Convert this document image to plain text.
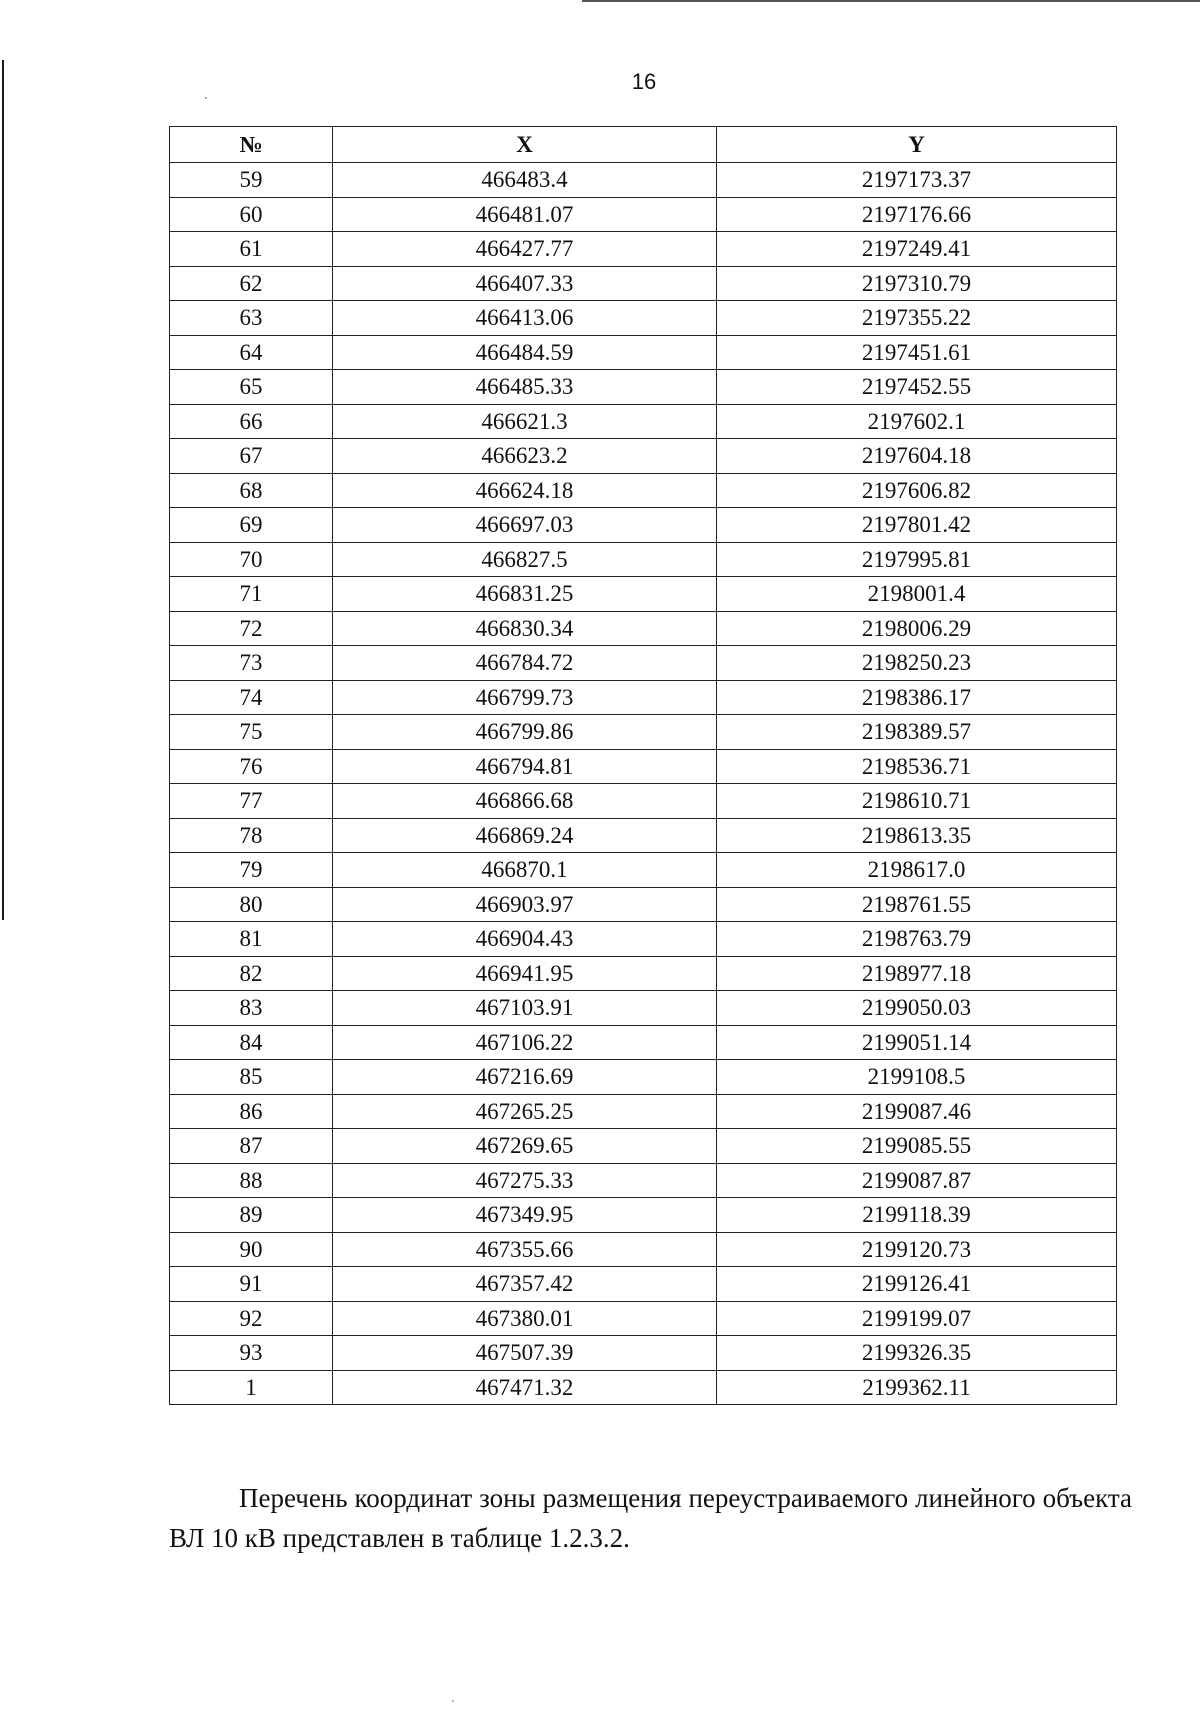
16
№	X	Y
59	466483.4	2197173.37
60	466481.07	2197176.66
61	466427.77	2197249.41
62	466407.33	2197310.79
63	466413.06	2197355.22
64	466484.59	2197451.61
65	466485.33	2197452.55
66	466621.3	2197602.1
67	466623.2	2197604.18
68	466624.18	2197606.82
69	466697.03	2197801.42
70	466827.5	2197995.81
71	466831.25	2198001.4
72	466830.34	2198006.29
73	466784.72	2198250.23
74	466799.73	2198386.17
75	466799.86	2198389.57
76	466794.81	2198536.71
77	466866.68	2198610.71
78	466869.24	2198613.35
79	466870.1	2198617.0
80	466903.97	2198761.55
81	466904.43	2198763.79
82	466941.95	2198977.18
83	467103.91	2199050.03
84	467106.22	2199051.14
85	467216.69	2199108.5
86	467265.25	2199087.46
87	467269.65	2199085.55
88	467275.33	2199087.87
89	467349.95	2199118.39
90	467355.66	2199120.73
91	467357.42	2199126.41
92	467380.01	2199199.07
93	467507.39	2199326.35
1	467471.32	2199362.11
Перечень координат зоны размещения переустраиваемого линейного объекта ВЛ 10 кВ представлен в таблице 1.2.3.2.
